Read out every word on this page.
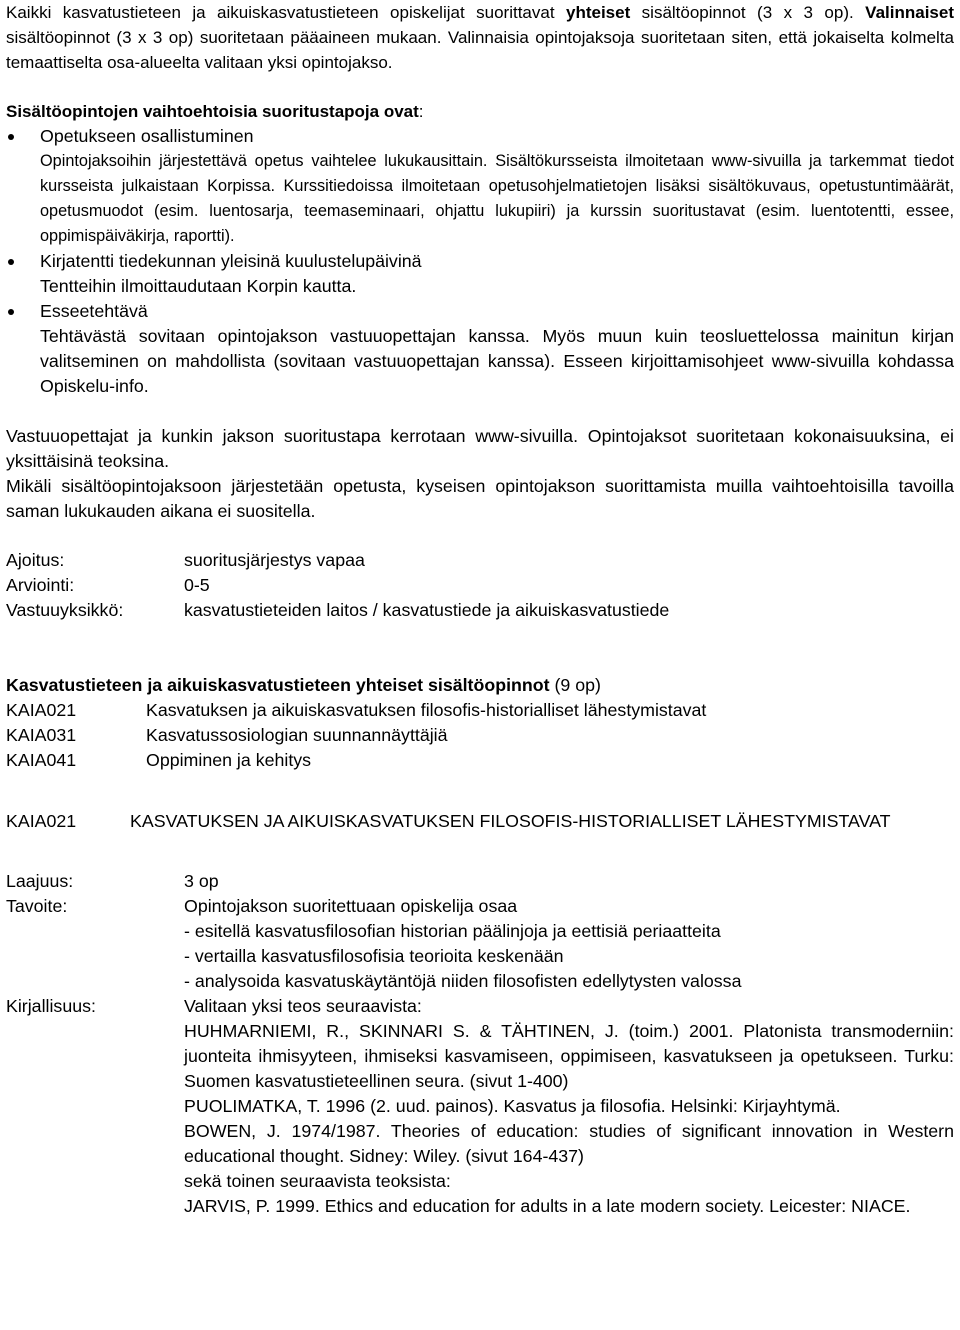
Kaikki kasvatustieteen ja aikuiskasvatustieteen opiskelijat suorittavat yhteiset sisältöopinnot (3 x 3 op). Valinnaiset sisältöopinnot (3 x 3 op) suoritetaan pääaineen mukaan. Valinnaisia opintojaksoja suoritetaan siten, että jokaiselta kolmelta temaattiselta osa-alueelta valitaan yksi opintojakso.

Sisältöopintojen vaihtoehtoisia suoritustapoja ovat:

Opetukseen osallistuminen

Opintojaksoihin järjestettävä opetus vaihtelee lukukausittain. Sisältökursseista ilmoitetaan www-sivuilla ja tarkemmat tiedot kursseista julkaistaan Korpissa. Kurssitiedoissa ilmoitetaan opetusohjelmatietojen lisäksi sisältökuvaus, opetustuntimäärät, opetusmuodot (esim. luentosarja, teemaseminaari, ohjattu lukupiiri) ja kurssin suoritustavat (esim. luentotentti, essee, oppimispäiväkirja, raportti).

Kirjatentti tiedekunnan yleisinä kuulustelupäivinä

Tentteihin ilmoittaudutaan Korpin kautta.

Esseetehtävä

Tehtävästä sovitaan opintojakson vastuuopettajan kanssa. Myös muun kuin teosluettelossa mainitun kirjan valitseminen on mahdollista (sovitaan vastuuopettajan kanssa). Esseen kirjoittamisohjeet www-sivuilla kohdassa Opiskelu-info.

Vastuuopettajat ja kunkin jakson suoritustapa kerrotaan www-sivuilla. Opintojaksot suoritetaan kokonaisuuksina, ei yksittäisinä teoksina.

Mikäli sisältöopintojaksoon järjestetään opetusta, kyseisen opintojakson suorittamista muilla vaihtoehtoisilla tavoilla saman lukukauden aikana ei suositella.

Ajoitus:	suoritusjärjestys vapaa
Arviointi:	0-5
Vastuuyksikkö:	kasvatustieteiden laitos / kasvatustiede ja aikuiskasvatustiede

Kasvatustieteen ja aikuiskasvatustieteen yhteiset sisältöopinnot (9 op)

KAIA021	Kasvatuksen ja aikuiskasvatuksen filosofis-historialliset lähestymistavat
KAIA031	Kasvatussosiologian suunnannäyttäjiä
KAIA041	Oppiminen ja kehitys
KAIA021	KASVATUKSEN JA AIKUISKASVATUKSEN FILOSOFIS-HISTORIALLISET LÄHESTYMISTAVAT
Laajuus:	3 op
Tavoite:	Opintojakson suoritettuaan opiskelija osaa

- esitellä kasvatusfilosofian historian päälinjoja ja eettisiä periaatteita

- vertailla kasvatusfilosofisia teorioita keskenään

- analysoida kasvatuskäytäntöjä niiden filosofisten edellytysten valossa

Kirjallisuus:	Valitaan yksi teos seuraavista:

HUHMARNIEMI, R., SKINNARI S. & TÄHTINEN, J. (toim.) 2001. Platonista transmoderniin: juonteita ihmisyyteen, ihmiseksi kasvamiseen, oppimiseen, kasvatukseen ja opetukseen. Turku: Suomen kasvatustieteellinen seura. (sivut 1-400)

PUOLIMATKA, T. 1996 (2. uud. painos). Kasvatus ja filosofia. Helsinki: Kirjayhtymä.

BOWEN, J. 1974/1987. Theories of education: studies of significant innovation in Western educational thought. Sidney: Wiley. (sivut 164-437)

sekä toinen seuraavista teoksista:

JARVIS, P. 1999. Ethics and education for adults in a late modern society. Leicester: NIACE.
